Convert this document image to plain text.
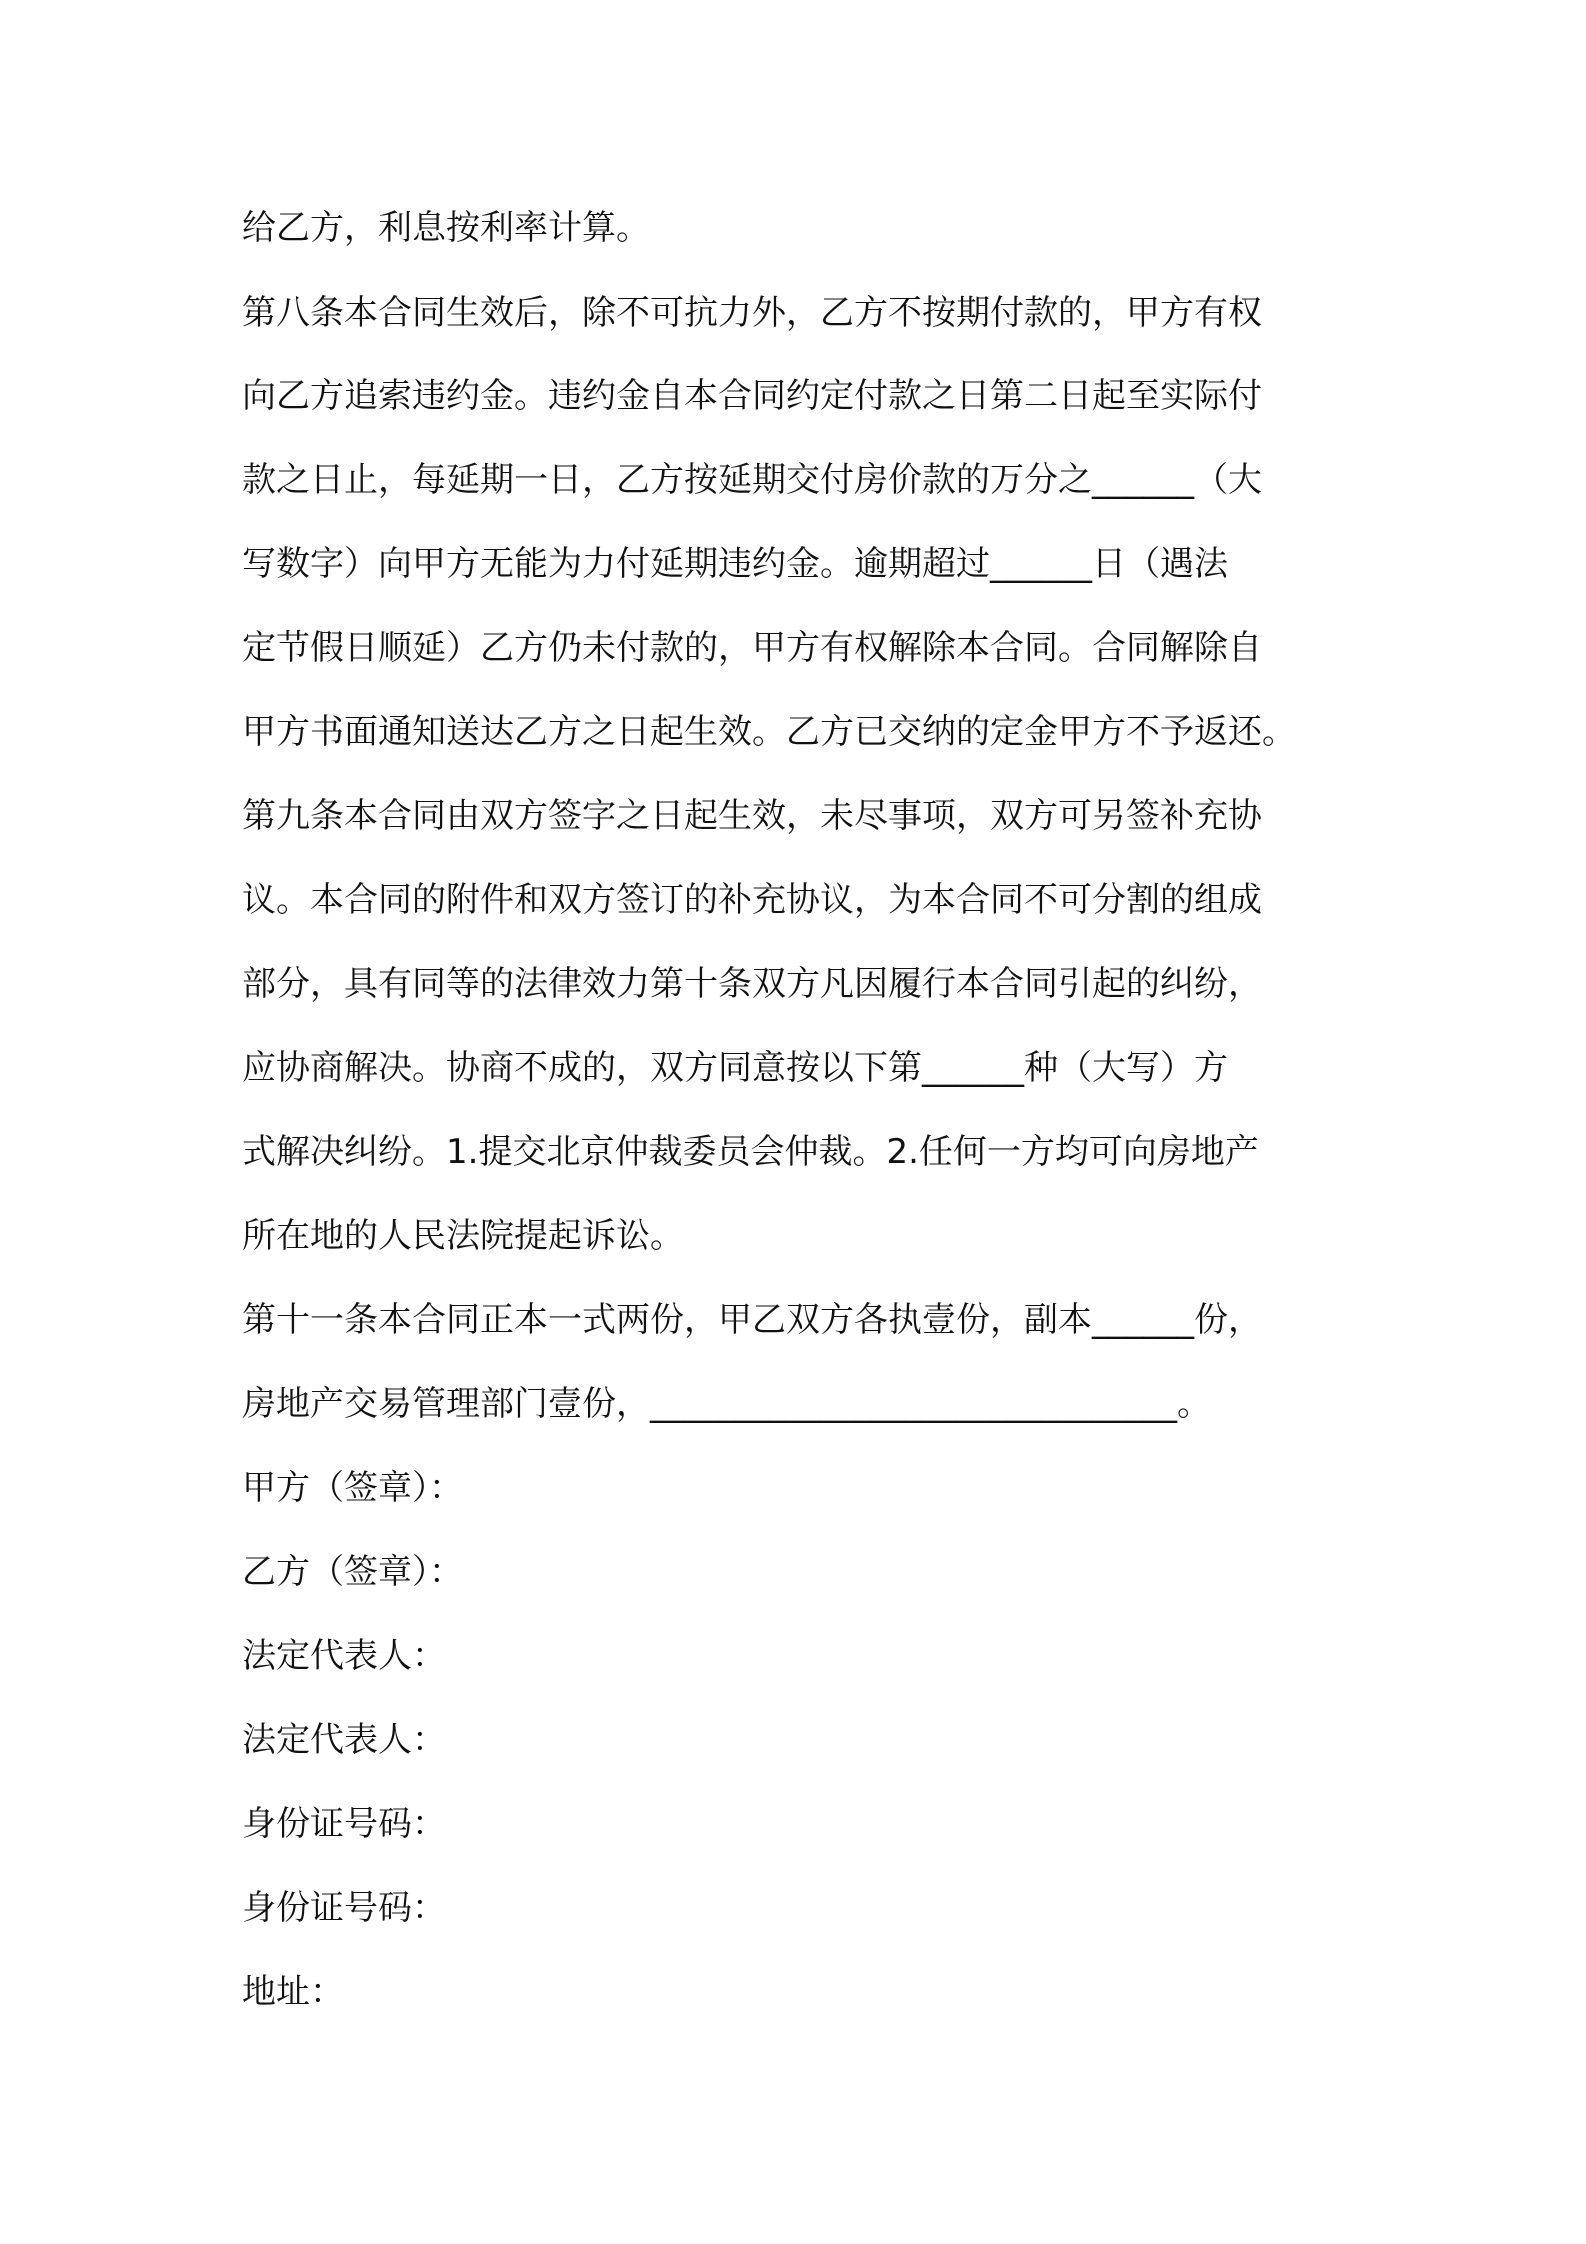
给乙方，利息按利率计算。
第八条本合同生效后，除不可抗力外，乙方不按期付款的，甲方有权
向乙方追索违约金。违约金自本合同约定付款之日第二日起至实际付
款之日止，每延期一日，乙方按延期交付房价款的万分之______（大
写数字）向甲方无能为力付延期违约金。逾期超过______日（遇法
定节假日顺延）乙方仍未付款的，甲方有权解除本合同。合同解除自
甲方书面通知送达乙方之日起生效。乙方已交纳的定金甲方不予返还。
第九条本合同由双方签字之日起生效，未尽事项，双方可另签补充协
议。本合同的附件和双方签订的补充协议，为本合同不可分割的组成
部分，具有同等的法律效力第十条双方凡因履行本合同引起的纠纷，
应协商解决。协商不成的，双方同意按以下第______种（大写）方
式解决纠纷。1.提交北京仲裁委员会仲裁。2.任何一方均可向房地产
所在地的人民法院提起诉讼。
第十一条本合同正本一式两份，甲乙双方各执壹份，副本______份，
房地产交易管理部门壹份，_______________________________。
甲方（签章）：
乙方（签章）：
法定代表人：
法定代表人：
身份证号码：
身份证号码：
地址：
